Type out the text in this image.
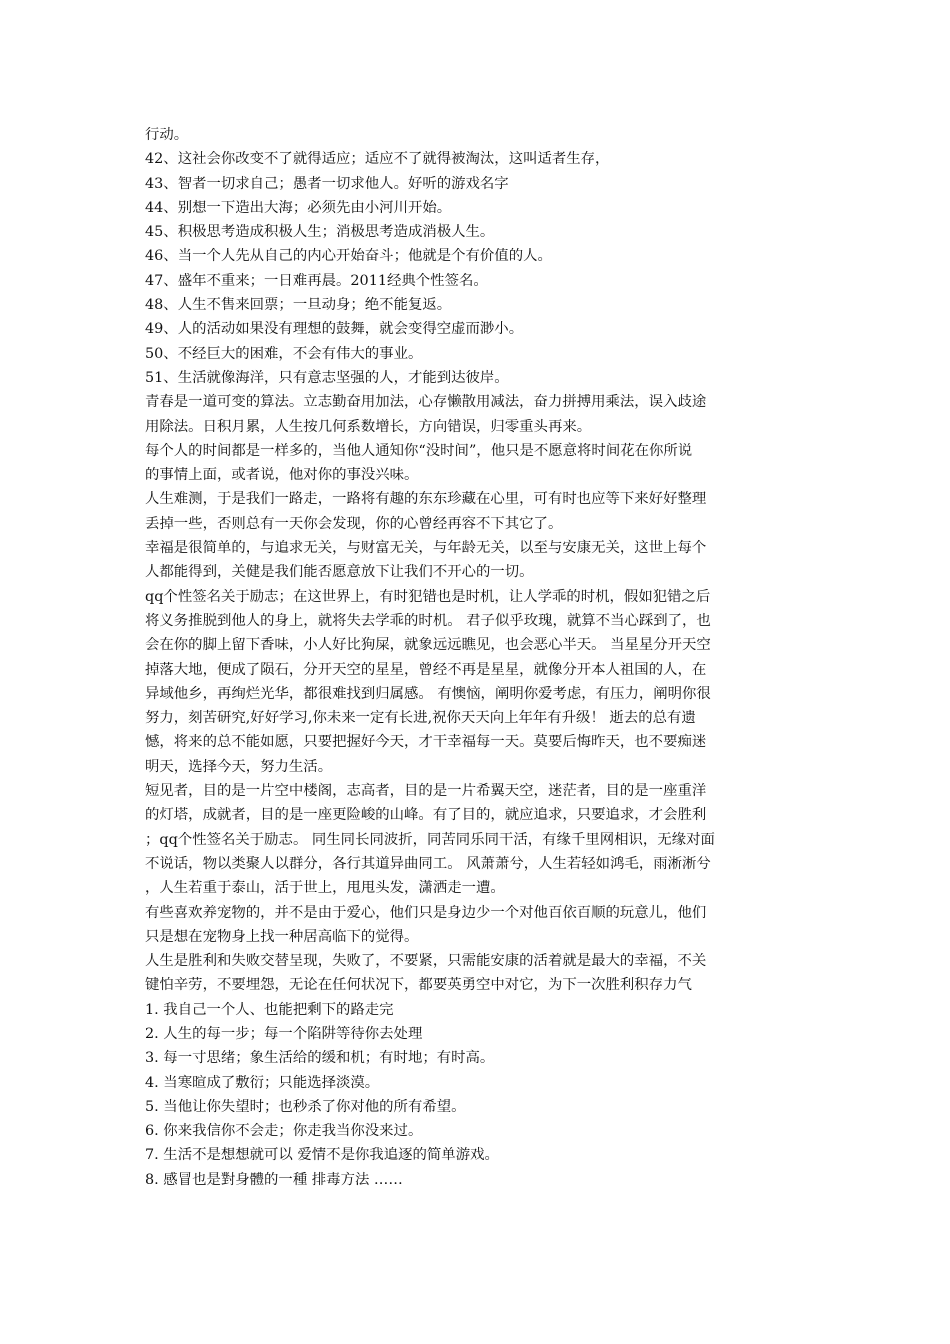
行动。
42、这社会你改变不了就得适应；适应不了就得被淘汰，这叫适者生存，
43、智者一切求自己；愚者一切求他人。好听的游戏名字
44、别想一下造出大海；必须先由小河川开始。
45、积极思考造成积极人生；消极思考造成消极人生。
46、当一个人先从自己的内心开始奋斗；他就是个有价值的人。
47、盛年不重来；一日难再晨。2011经典个性签名。
48、人生不售来回票；一旦动身；绝不能复返。
49、人的活动如果没有理想的鼓舞，就会变得空虚而渺小。
50、不经巨大的困难，不会有伟大的事业。
51、生活就像海洋，只有意志坚强的人，才能到达彼岸。
青春是一道可变的算法。立志勤奋用加法，心存懒散用减法，奋力拼搏用乘法，误入歧途
用除法。日积月累，人生按几何系数增长，方向错误，归零重头再来。
每个人的时间都是一样多的，当他人通知你“没时间”，他只是不愿意将时间花在你所说
的事情上面，或者说，他对你的事没兴味。
人生难测，于是我们一路走，一路将有趣的东东珍藏在心里，可有时也应等下来好好整理
丢掉一些，否则总有一天你会发现，你的心曾经再容不下其它了。
幸福是很简单的，与追求无关，与财富无关，与年龄无关，以至与安康无关，这世上每个
人都能得到，关健是我们能否愿意放下让我们不开心的一切。
qq个性签名关于励志；在这世界上，有时犯错也是时机，让人学乖的时机，假如犯错之后
将义务推脱到他人的身上，就将失去学乖的时机。 君子似乎玫瑰，就算不当心踩到了，也
会在你的脚上留下香味，小人好比狗屎，就象远远瞧见，也会恶心半天。 当星星分开天空
掉落大地，便成了陨石，分开天空的星星，曾经不再是星星，就像分开本人祖国的人，在
异域他乡，再绚烂光华，都很难找到归属感。 有懊恼，阐明你爱考虑，有压力，阐明你很
努力，刻苦研究,好好学习,你未来一定有长进,祝你天天向上年年有升级！ 逝去的总有遗
憾，将来的总不能如愿，只要把握好今天，才干幸福每一天。莫要后悔昨天，也不要痴迷
明天，选择今天，努力生活。
短见者，目的是一片空中楼阁，志高者，目的是一片希翼天空，迷茫者，目的是一座重洋
的灯塔，成就者，目的是一座更险峻的山峰。有了目的，就应追求，只要追求，才会胜利
；qq个性签名关于励志。 同生同长同波折，同苦同乐同干活，有缘千里网相识，无缘对面
不说话，物以类聚人以群分，各行其道异曲同工。 风萧萧兮，人生若轻如鸿毛，雨淅淅兮
，人生若重于泰山，活于世上，甩甩头发，潇洒走一遭。
有些喜欢养宠物的，并不是由于爱心，他们只是身边少一个对他百依百顺的玩意儿，他们
只是想在宠物身上找一种居高临下的觉得。
人生是胜利和失败交替呈现，失败了，不要紧，只需能安康的活着就是最大的幸福，不关
键怕辛劳，不要埋怨，无论在任何状况下，都要英勇空中对它，为下一次胜利积存力气
1. 我自己一个人、也能把剩下的路走完
2. 人生的每一步；每一个陷阱等待你去处理
3. 每一寸思绪；象生活给的缓和机；有时地；有时高。
4. 当寒暄成了敷衍；只能选择淡漠。
5. 当他让你失望时；也秒杀了你对他的所有希望。
6. 你来我信你不会走；你走我当你没来过。
7. 生活不是想想就可以 爱情不是你我追逐的简单游戏。
8. 感冒也是對身體的一種 排毒方法 ……
